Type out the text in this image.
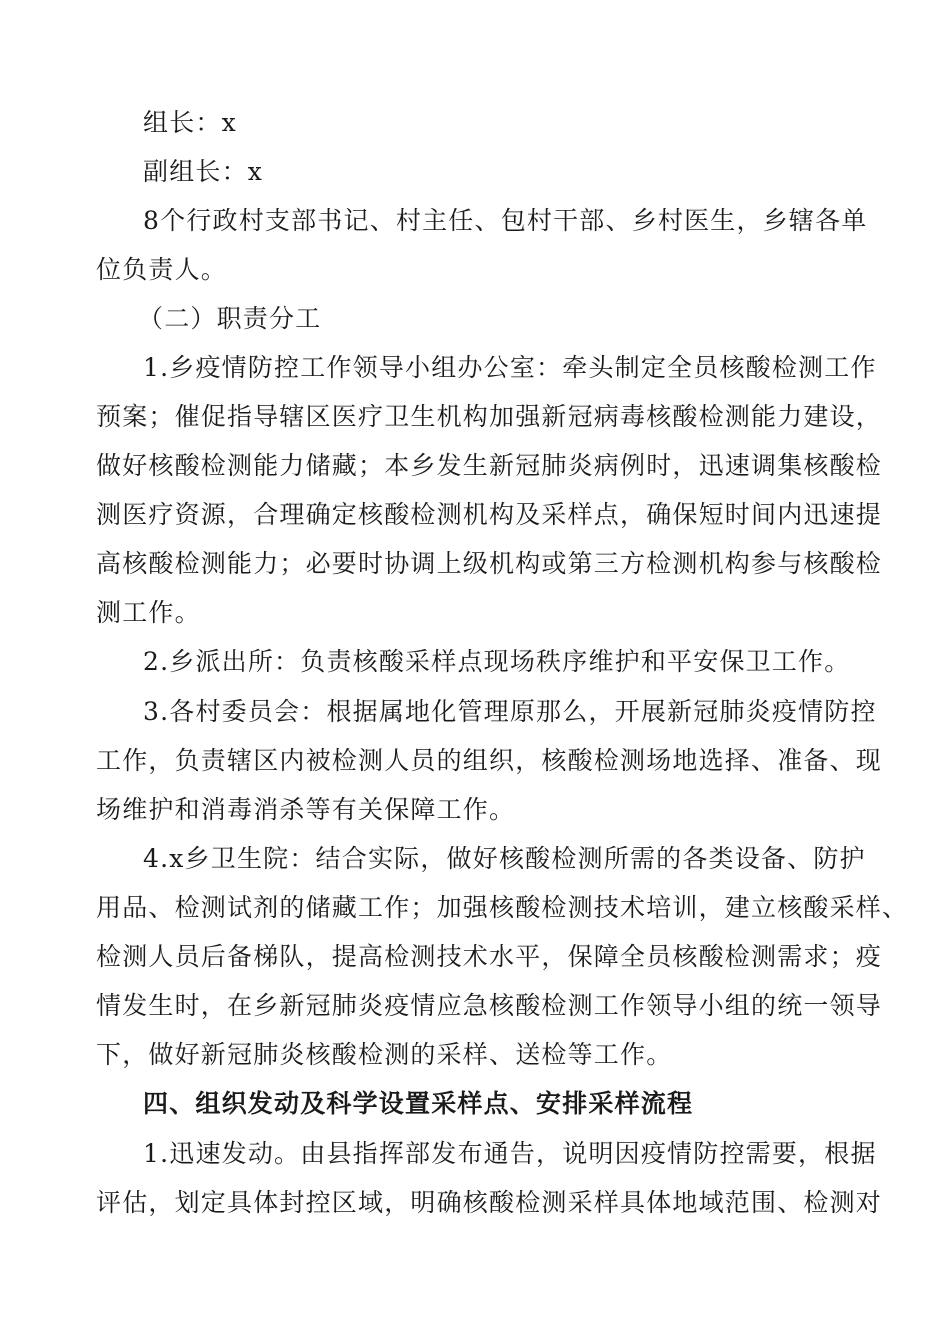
组长：x
副组长：x
8个行政村支部书记、村主任、包村干部、乡村医生，乡辖各单
位负责人。
（二）职责分工
1.乡疫情防控工作领导小组办公室：牵头制定全员核酸检测工作
预案；催促指导辖区医疗卫生机构加强新冠病毒核酸检测能力建设，
做好核酸检测能力储藏；本乡发生新冠肺炎病例时，迅速调集核酸检
测医疗资源，合理确定核酸检测机构及采样点，确保短时间内迅速提
高核酸检测能力；必要时协调上级机构或第三方检测机构参与核酸检
测工作。
2.乡派出所：负责核酸采样点现场秩序维护和平安保卫工作。
3.各村委员会：根据属地化管理原那么，开展新冠肺炎疫情防控
工作，负责辖区内被检测人员的组织，核酸检测场地选择、准备、现
场维护和消毒消杀等有关保障工作。
4.x乡卫生院：结合实际，做好核酸检测所需的各类设备、防护
用品、检测试剂的储藏工作；加强核酸检测技术培训，建立核酸采样、
检测人员后备梯队，提高检测技术水平，保障全员核酸检测需求；疫
情发生时，在乡新冠肺炎疫情应急核酸检测工作领导小组的统一领导
下，做好新冠肺炎核酸检测的采样、送检等工作。
四、组织发动及科学设置采样点、安排采样流程
1.迅速发动。由县指挥部发布通告，说明因疫情防控需要，根据
评估，划定具体封控区域，明确核酸检测采样具体地域范围、检测对
